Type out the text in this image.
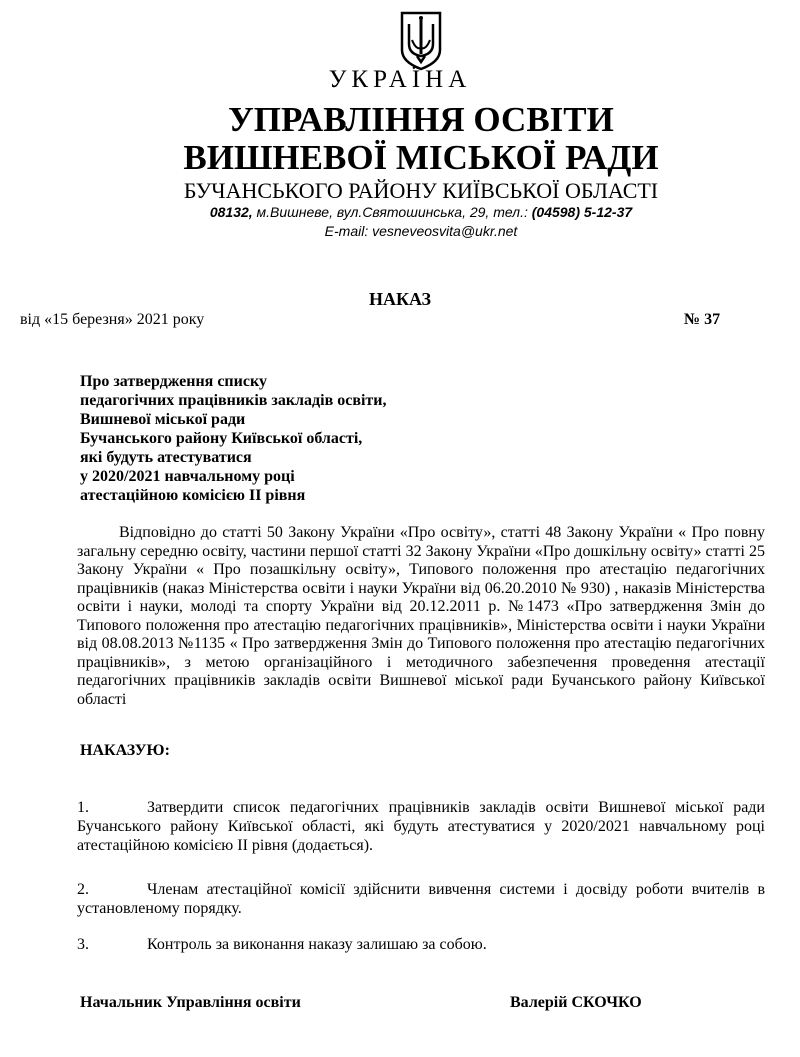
УКРАЇНА
УПРАВЛІННЯ ОСВІТИ
ВИШНЕВОЇ МІСЬКОЇ РАДИ
БУЧАНСЬКОГО РАЙОНУ КИЇВСЬКОЇ ОБЛАСТІ
08132, м.Вишневе, вул.Святошинська, 29, тел.: (04598) 5-12-37
E-mail: vesneveosvita@ukr.net
НАКАЗ
від «15 березня» 2021 року	№ 37
Про затвердження списку
педагогічних працівників закладів освіти,
Вишневої міської ради
Бучанського району Київської області,
які будуть атестуватися
у 2020/2021 навчальному році
атестаційною комісією ІІ рівня
Відповідно до статті 50 Закону України «Про освіту», статті 48 Закону України « Про повну загальну середню освіту, частини першої статті 32 Закону України «Про дошкільну освіту» статті 25 Закону України « Про позашкільну освіту», Типового положення про атестацію педагогічних працівників (наказ Міністерства освіти і науки України від 06.20.2010 № 930) , наказів Міністерства освіти і науки, молоді та спорту України від 20.12.2011 р. №1473 «Про затвердження Змін до Типового положення про атестацію педагогічних працівників», Міністерства освіти і науки України від 08.08.2013 №1135 « Про затвердження Змін до Типового положення про атестацію педагогічних працівників», з метою організаційного і методичного забезпечення проведення атестації педагогічних працівників закладів освіти Вишневої міської ради Бучанського району Київської області
НАКАЗУЮ:
1.	Затвердити список педагогічних працівників закладів освіти Вишневої міської ради Бучанського району Київської області, які будуть атестуватися у 2020/2021 навчальному році атестаційною комісією ІІ рівня (додається).
2.	Членам атестаційної комісії здійснити вивчення системи і досвіду роботи вчителів в установленому порядку.
3.	Контроль за виконання наказу залишаю за собою.
Начальник Управління освіти	Валерій СКОЧКО
